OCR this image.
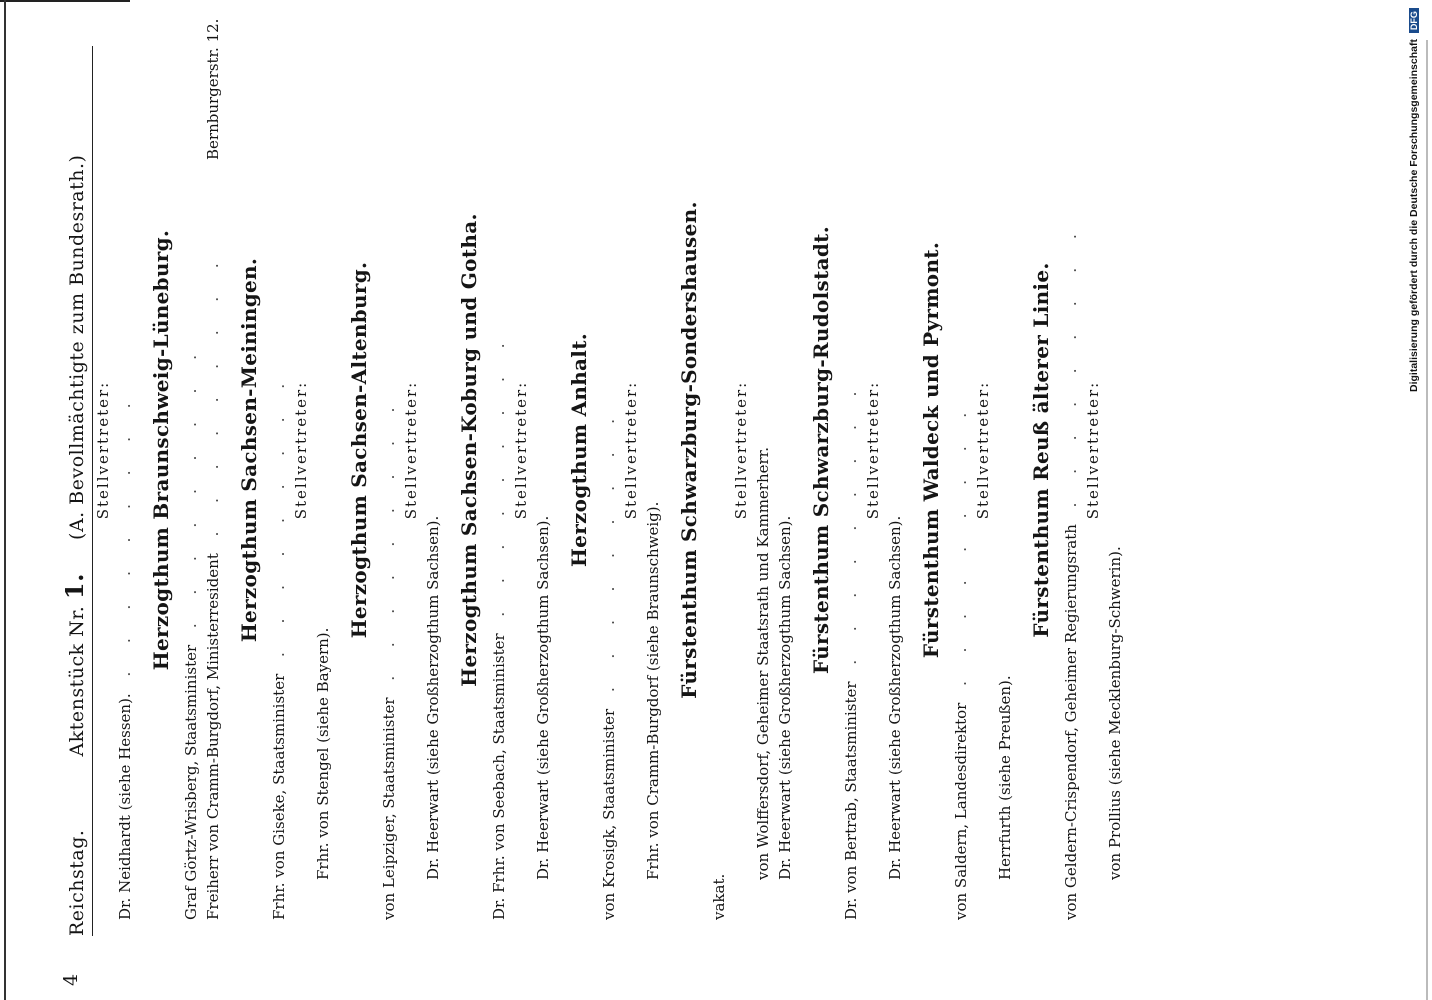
4
Reichstag.  Aktenstück Nr. 1.  (A. Bevollmächtigte zum Bundesrath.) Stellvertreter:
Dr. Neidhardt (siehe Hessen). . . . . . . . . . Herzogthum Braunschweig-Lüneburg.
Graf Görtz-Wrisberg, Staatsminister . . . . . . . . .
Freiherr von Cramm-Burgdorf, Ministerresident . . . . . . . . .
Bernburgerstr. 12.
Herzogthum Sachsen-Meiningen.
Frhr. von Giseke, Staatsminister . . . . . . . . . Stellvertreter:
Frhr. von Stengel (siehe Bayern).
Herzogthum Sachsen-Altenburg.
von Leipziger, Staatsminister . . . . . . . . . Stellvertreter:
Dr. Heerwart (siehe Großherzogthum Sachsen).
Herzogthum Sachsen-Koburg und Gotha.
Dr. Frhr. von Seebach, Staatsminister . . . . . . . . . Stellvertreter:
Dr. Heerwart (siehe Großherzogthum Sachsen).
Herzogthum Anhalt.
von Krosigk, Staatsminister . . . . . . . . . Stellvertreter:
Frhr. von Cramm-Burgdorf (siehe Braunschweig). Fürstenthum Schwarzburg-Sondershausen.
vakat.
Stellvertreter: von Wolffersdorf, Geheimer Staatsrath und Kammerherr. Dr. Heerwart (siehe Großherzogthum Sachsen).
Fürstenthum Schwarzburg-Rudolstadt.
Dr. von Bertrab, Staatsminister . . . . . . . . . Stellvertreter:
Dr. Heerwart (siehe Großherzogthum Sachsen).
Fürstenthum Waldeck und Pyrmont.
von Saldern, Landesdirektor . . . . . . . . . Stellvertreter:
Herrfurth (siehe Preußen).
Fürstenthum Reuß älterer Linie.
von Geldern-Crispendorf, Geheimer Regierungsrath . . . . . . . . . Stellvertreter:
von Prollius (siehe Mecklenburg-Schwerin).
Digitalisierung gefördert durch die Deutsche Forschungsgemeinschaft DFG
